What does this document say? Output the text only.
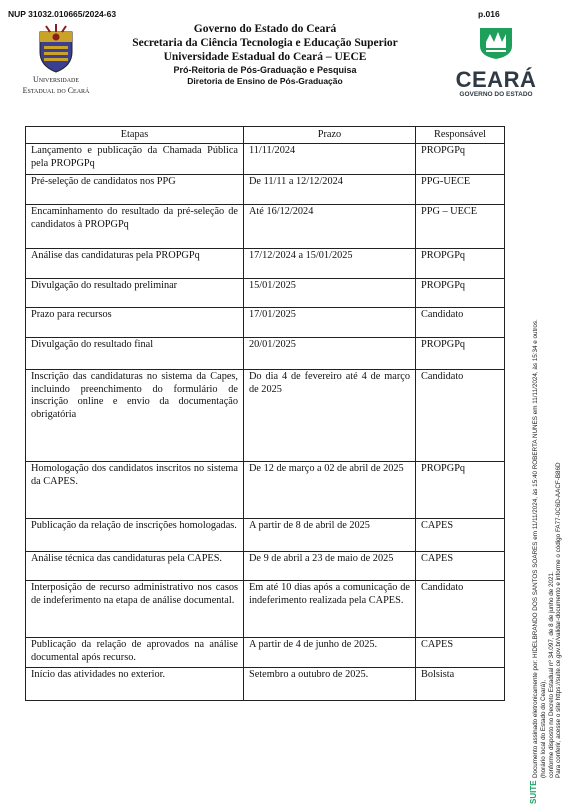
NUP 31032.010665/2024-63	p.016
Universidade
Estadual do Ceará
Governo do Estado do Ceará
Secretaria da Ciência Tecnologia e Educação Superior
Universidade Estadual do Ceará – UECE
Pró-Reitoria de Pós-Graduação e Pesquisa
Diretoria de Ensino de Pós-Graduação	CEARÁ
GOVERNO DO ESTADO
Etapas	Prazo	Responsável
Lançamento e publicação da Chamada Pública pela PROPGPq	11/11/2024	PROPGPq
Pré-seleção de candidatos nos PPG	De 11/11 a 12/12/2024	PPG-UECE
Encaminhamento do resultado da pré-seleção de candidatos à PROPGPq	Até 16/12/2024	PPG – UECE
Análise das candidaturas pela PROPGPq	17/12/2024 a 15/01/2025	PROPGPq
Divulgação do resultado preliminar	15/01/2025	PROPGPq
Prazo para recursos	17/01/2025	Candidato
Divulgação do resultado final	20/01/2025	PROPGPq
Inscrição das candidaturas no sistema da Capes, incluindo preenchimento do formulário de inscrição online e envio da documentação obrigatória	Do dia 4 de fevereiro até 4 de março de 2025	Candidato
Homologação dos candidatos inscritos no sistema da CAPES.	De 12 de março a 02 de abril de 2025	PROPGPq
Publicação da relação de inscrições homologadas.	A partir de 8 de abril de 2025	CAPES
Análise técnica das candidaturas pela CAPES.	De 9 de abril a 23 de maio de 2025	CAPES
Interposição de recurso administrativo nos casos de indeferimento na etapa de análise documental.	Em até 10 dias após a comunicação de indeferimento realizada pela CAPES.	Candidato
Publicação da relação de aprovados na análise documental após recurso.	A partir de 4 de junho de 2025.	CAPES
Início das atividades no exterior.	Setembro a outubro de 2025.	Bolsista	Documento assinado eletronicamente por: HIDELBRANDO DOS SANTOS SOARES em 11/11/2024, às 15:40 ROBERTA NUNES em 11/11/2024, às 15:34 e outros. (horário local do Estado do Ceará), conforme disposto no Decreto Estadual nº 34.097, de 8 de junho de 2021. Para conferir, acesse o site https://suite.ce.gov.br/validar-documento e informe o código FA77-0C6D-AACF-B86D
SUITE
